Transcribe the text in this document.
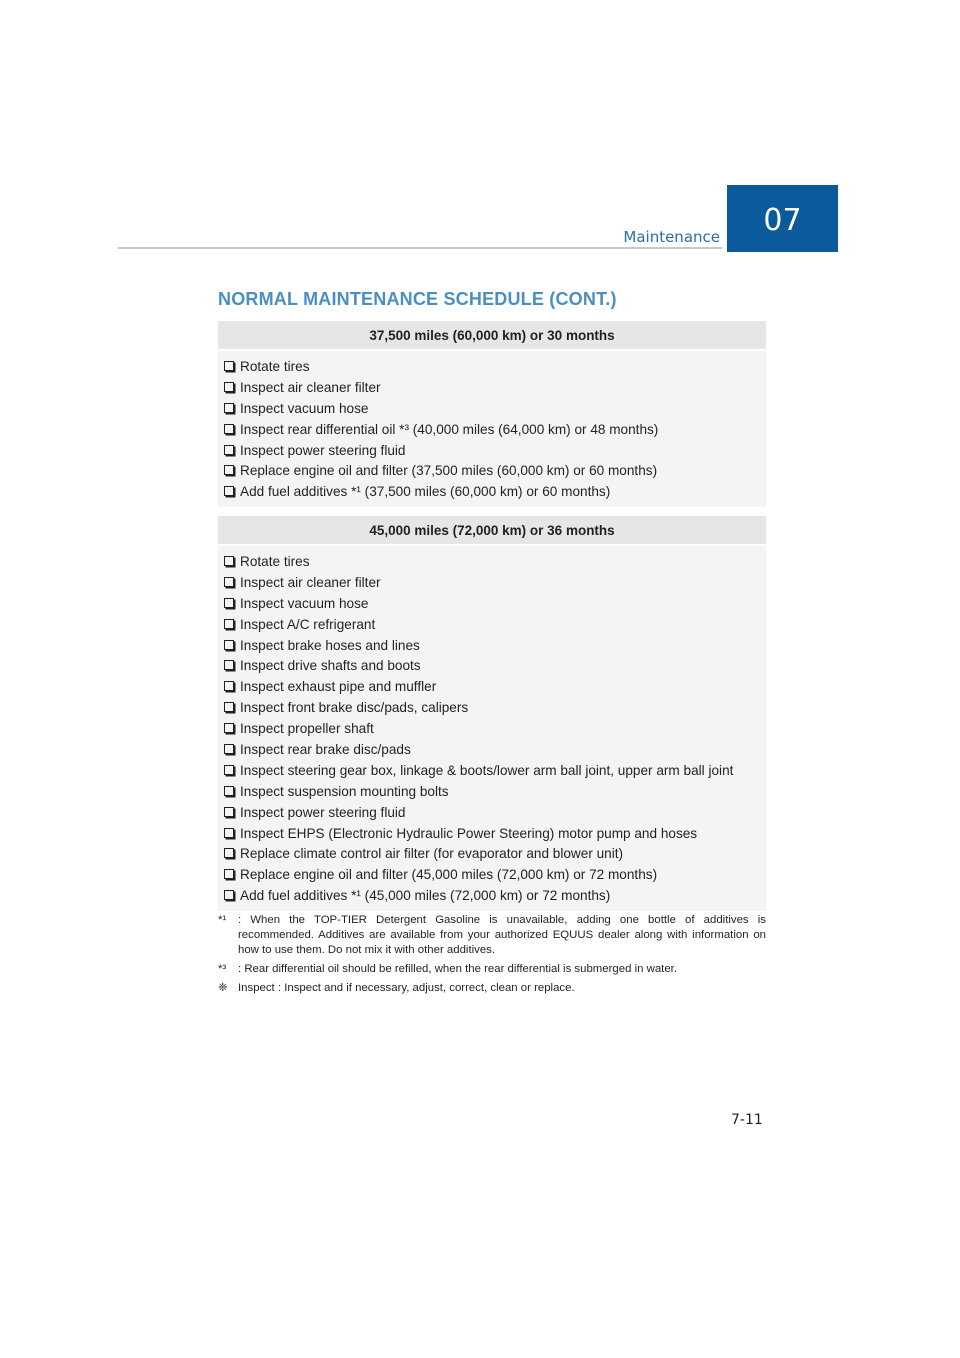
Maintenance	07
NORMAL MAINTENANCE SCHEDULE (CONT.)
37,500 miles (60,000 km) or 30 months
Rotate tires
Inspect air cleaner filter
Inspect vacuum hose
Inspect rear differential oil *³ (40,000 miles (64,000 km) or 48 months)
Inspect power steering fluid
Replace engine oil and filter (37,500 miles (60,000 km) or 60 months)
Add fuel additives *¹ (37,500 miles (60,000 km) or 60 months)
45,000 miles (72,000 km) or 36 months
Rotate tires
Inspect air cleaner filter
Inspect vacuum hose
Inspect A/C refrigerant
Inspect brake hoses and lines
Inspect drive shafts and boots
Inspect exhaust pipe and muffler
Inspect front brake disc/pads, calipers
Inspect propeller shaft
Inspect rear brake disc/pads
Inspect steering gear box, linkage & boots/lower arm ball joint, upper arm ball joint
Inspect suspension mounting bolts
Inspect power steering fluid
Inspect EHPS (Electronic Hydraulic Power Steering) motor pump and hoses
Replace climate control air filter (for evaporator and blower unit)
Replace engine oil and filter (45,000 miles (72,000 km) or 72 months)
Add fuel additives *¹ (45,000 miles (72,000 km) or 72 months)
*¹	: When the TOP-TIER Detergent Gasoline is unavailable, adding one bottle of additives is recommended. Additives are available from your authorized EQUUS dealer along with information on how to use them. Do not mix it with other additives.
*³	: Rear differential oil should be refilled, when the rear differential is submerged in water.
❈ Inspect : Inspect and if necessary, adjust, correct, clean or replace.
7-11
